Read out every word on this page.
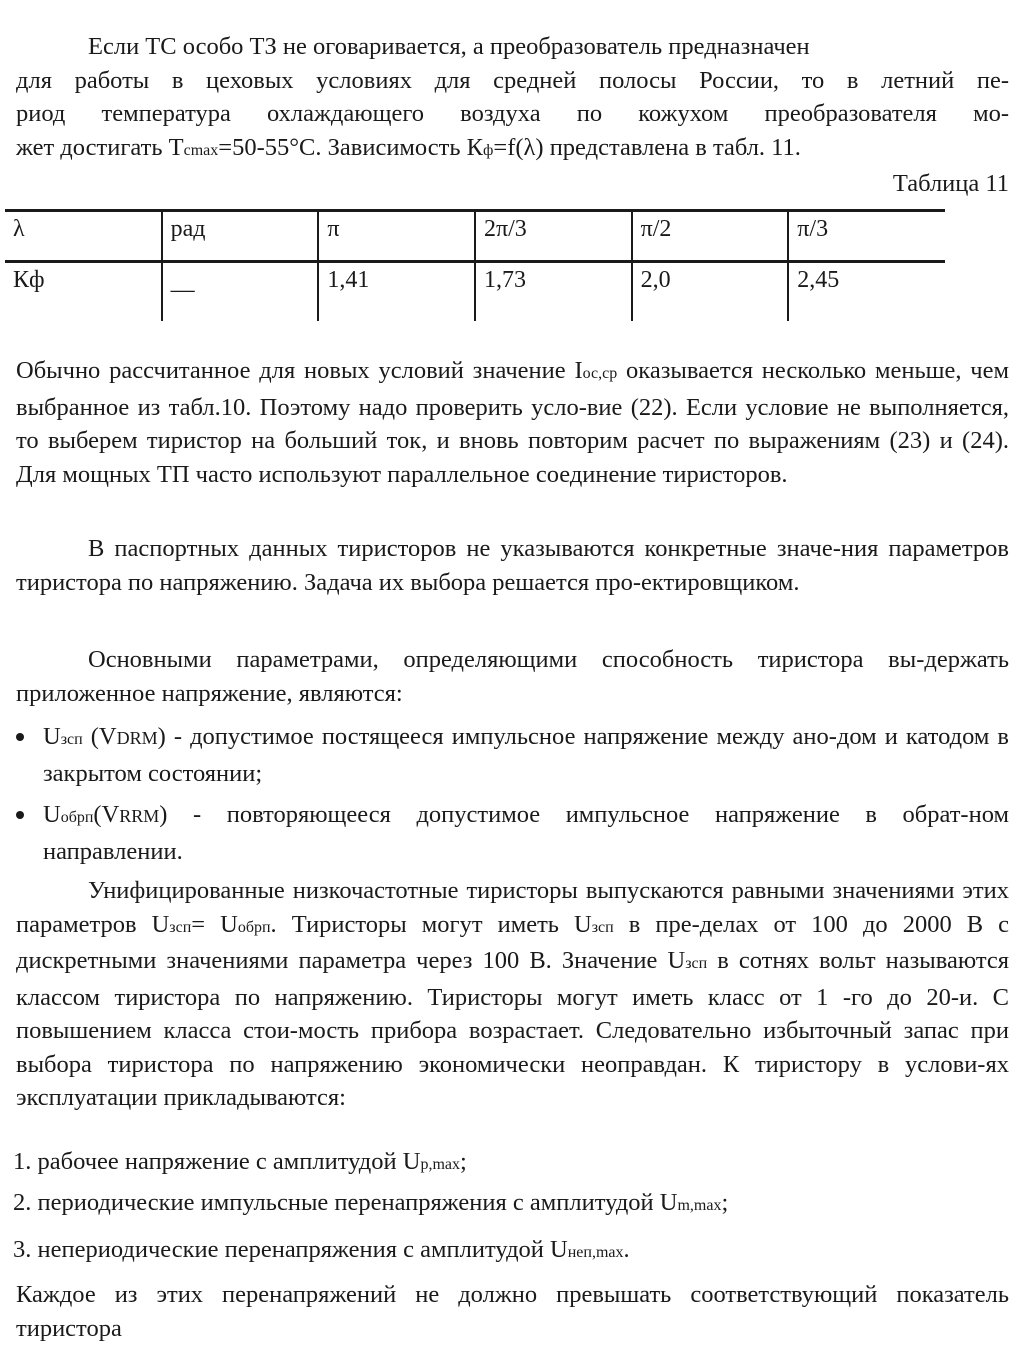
Если ТС особо ТЗ не оговаривается, а преобразователь предназначен
для работы в цеховых условиях для средней полосы России, то в летний пе-
риод температура охлаждающего воздуха по кожухом преобразователя мо-
жет достигать Тcmax=50-55°С. Зависимость Кф=f(λ) представлена в табл. 11.

Таблица 11

λ	рад	π	2π/3	π/2	π/3
Кф	—	1,41	1,73	2,0	2,45

Обычно рассчитанное для новых условий значение Iос,ср оказывается несколько меньше, чем выбранное из табл.10. Поэтому надо проверить усло-вие (22). Если условие не выполняется, то выберем тиристор на больший ток, и вновь повторим расчет по выражениям (23) и (24). Для мощных ТП часто используют параллельное соединение тиристоров.

В паспортных данных тиристоров не указываются конкретные значе-ния параметров тиристора по напряжению. Задача их выбора решается про-ектировщиком.

Основными параметрами, определяющими способность тиристора вы-держать приложенное напряжение, являются:

Uзсп (VDRM) - допустимое постящееся импульсное напряжение между ано-дом и катодом в закрытом состоянии;
Uобрп(VRRM) - повторяющееся допустимое импульсное напряжение в обрат-ном направлении.

Унифицированные низкочастотные тиристоры выпускаются равными значениями этих параметров Uзсп= Uобрп. Тиристоры могут иметь Uзсп в пре-делах от 100 до 2000 В с дискретными значениями параметра через 100 В. Значение Uзсп в сотнях вольт называются классом тиристора по напряжению. Тиристоры могут иметь класс от 1 -го до 20-и. С повышением класса стои-мость прибора возрастает. Следовательно избыточный запас при выбора тиристора по напряжению экономически неоправдан. К тиристору в услови-ях эксплуатации прикладываются:

1. рабочее напряжение с амплитудой Uр,max;

2. периодические импульсные перенапряжения с амплитудой Um,max;

3. непериодические перенапряжения с амплитудой Uнеп,max.

Каждое из этих перенапряжений не должно превышать соответствующий показатель тиристора
